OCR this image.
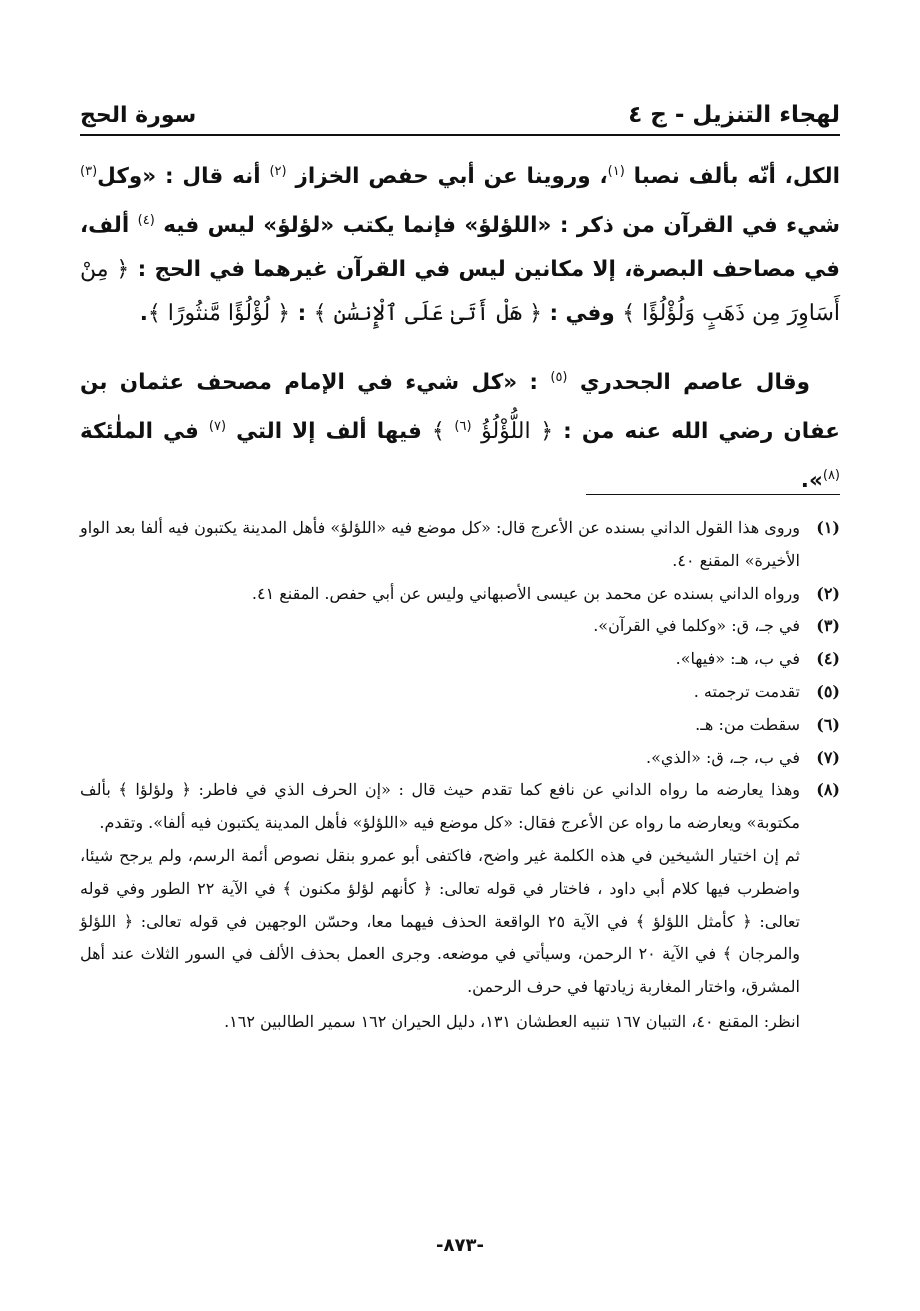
لهجاء التنزيل - ج ٤
سورة الحج

الكل، أنّه بألف نصبا $^{(١)}$، وروينا عن أبي حفص الخزاز $^{(٢)}$ أنه قال : «وكل$^{(٣)}$ شيء في القرآن من ذكر : «اللؤلؤ» فإنما يكتب «لؤلؤ» ليس فيه $^{(٤)}$ ألف، في مصاحف البصرة، إلا مكانين ليس في القرآن غيرهما في الحج : ﴿ مِنْ أَسَاوِرَ مِن ذَهَبٍ وَلُؤْلُؤًا ﴾ وفي : ﴿ هَلْ أَتَىٰ عَلَى ٱلْإِنسَٰنِ ﴾ : ﴿ لُؤْلُؤًا مَّنثُورًا ﴾.

وقال عاصم الجحدري $^{(٥)}$ : «كل شيء في الإمام مصحف عثمان بن عفان رضي الله عنه من : ﴿ اللُّؤْلُؤُ $^{(٦)}$ ﴾ فيها ألف إلا التي $^{(٧)}$ في الملٰئكة $^{(٨)}$».

(١)
وروى هذا القول الداني بسنده عن الأعرج قال: «كل موضع فيه «اللؤلؤ» فأهل المدينة يكتبون فيه ألفا بعد الواو الأخيرة» المقنع ٤٠.
(٢)
ورواه الداني بسنده عن محمد بن عيسى الأصبهاني وليس عن أبي حفص. المقنع ٤١.
(٣)
في جـ، ق: «وكلما في القرآن».
(٤)
في ب، هـ: «فيها».
(٥)
تقدمت ترجمته .
(٦)
سقطت من: هـ.
(٧)
في ب، جـ، ق: «الذي».
(٨)
وهذا يعارضه ما رواه الداني عن نافع كما تقدم حيث قال : «إن الحرف الذي في فاطر: ﴿ ولؤلؤا ﴾ بألف مكتوبة» ويعارضه ما رواه عن الأعرج فقال: «كل موضع فيه «اللؤلؤ» فأهل المدينة يكتبون فيه ألفا». وتقدم.
ثم إن اختيار الشيخين في هذه الكلمة غير واضح، فاكتفى أبو عمرو بنقل نصوص أئمة الرسم، ولم يرجح شيئا، واضطرب فيها كلام أبي داود ، فاختار في قوله تعالى: ﴿ كأنهم لؤلؤ مكنون ﴾ في الآية ٢٢ الطور وفي قوله تعالى: ﴿ كأمثل اللؤلؤ ﴾ في الآية ٢٥ الواقعة الحذف فيهما معا، وحسّن الوجهين في قوله تعالى: ﴿ اللؤلؤ والمرجان ﴾ في الآية ٢٠ الرحمن، وسيأتي في موضعه. وجرى العمل بحذف الألف في السور الثلاث عند أهل المشرق، واختار المغاربة زيادتها في حرف الرحمن.
انظر: المقنع ٤٠، التبيان ١٦٧ تنبيه العطشان ١٣١، دليل الحيران ١٦٢ سمير الطالبين ١٦٢.
-٨٧٣-
